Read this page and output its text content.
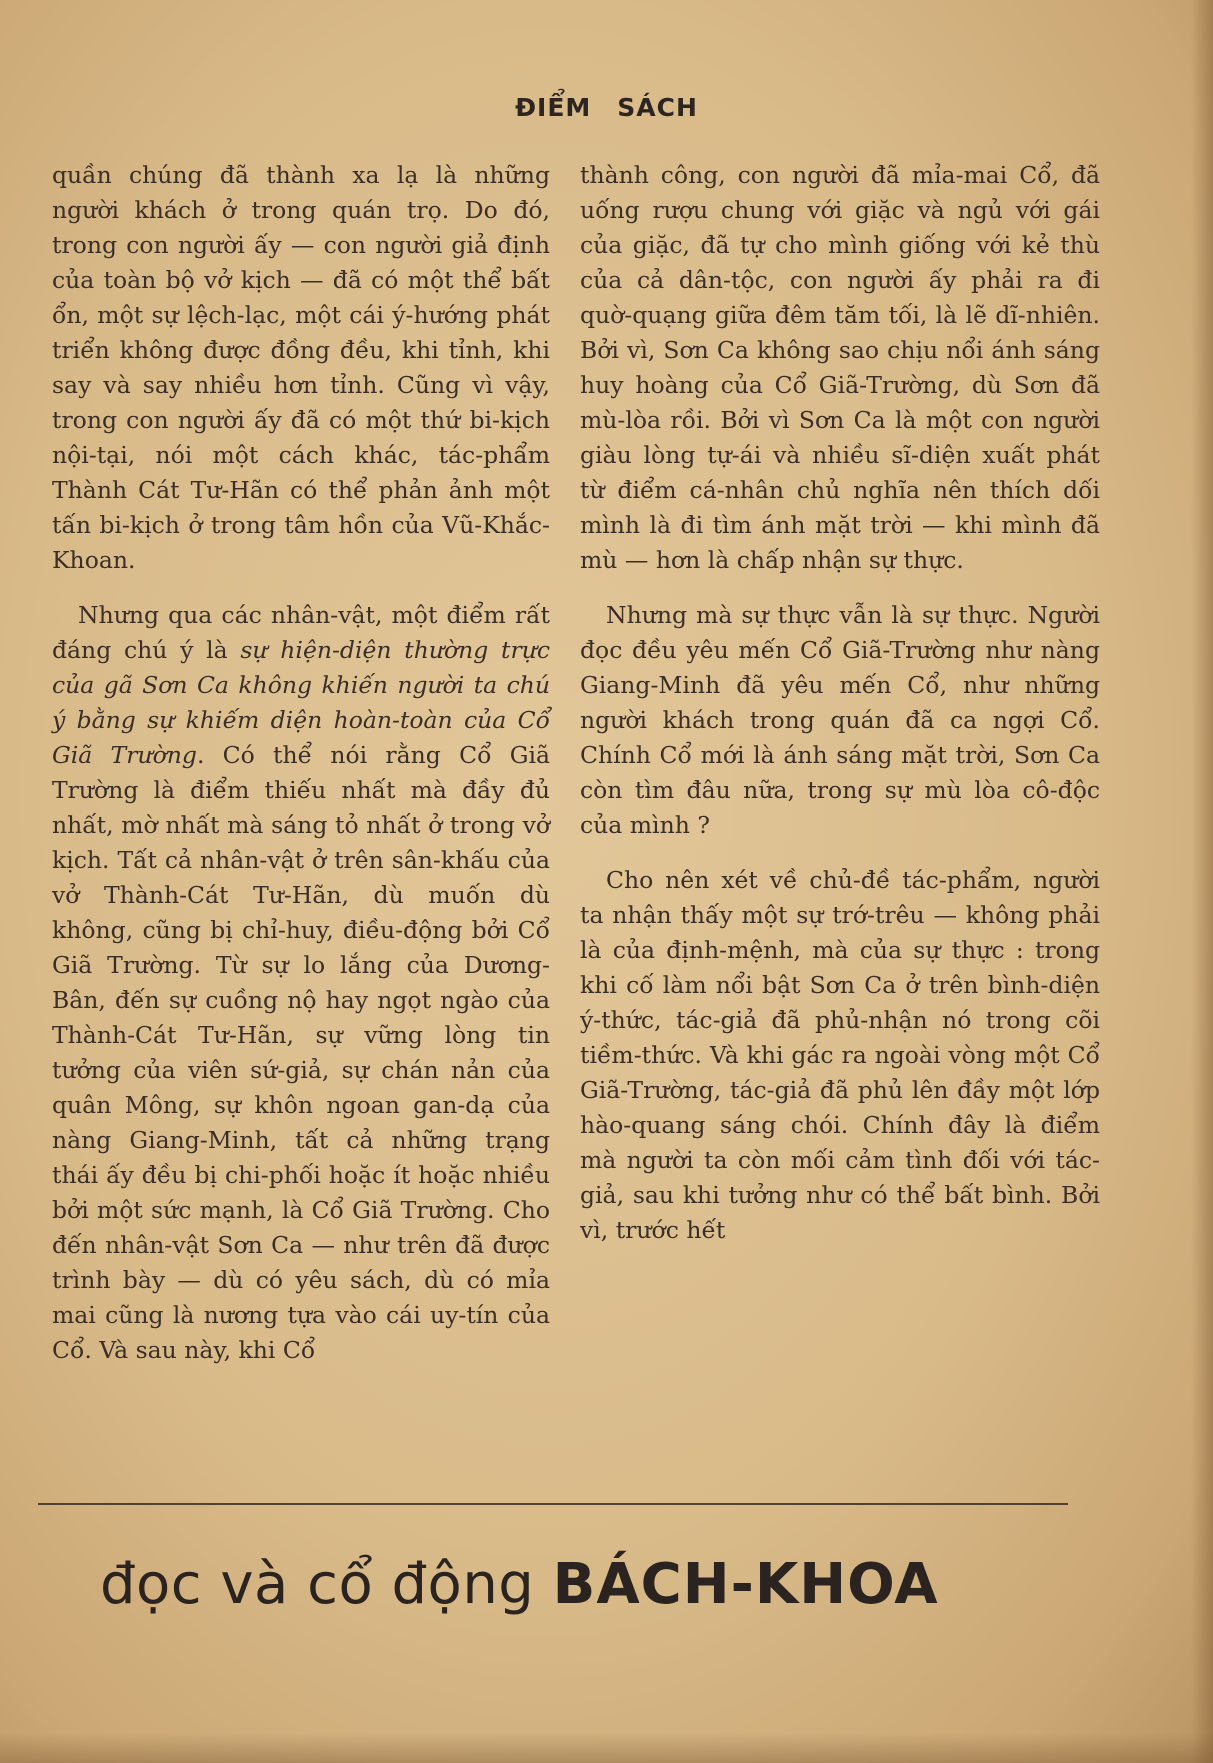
ĐIỂM SÁCH

quần chúng đã thành xa lạ là những người khách ở trong quán trọ. Do đó, trong con người ấy — con người giả định của toàn bộ vở kịch — đã có một thể bất ổn, một sự lệch-lạc, một cái ý-hướng phát triển không được đồng đều, khi tỉnh, khi say và say nhiều hơn tỉnh. Cũng vì vậy, trong con người ấy đã có một thứ bi-kịch nội-tại, nói một cách khác, tác-phẩm Thành Cát Tư-Hãn có thể phản ảnh một tấn bi-kịch ở trong tâm hồn của Vũ-Khắc-Khoan.

Nhưng qua các nhân-vật, một điểm rất đáng chú ý là sự hiện-diện thường trực của gã Sơn Ca không khiến người ta chú ý bằng sự khiếm diện hoàn-toàn của Cổ Giã Trường. Có thể nói rằng Cổ Giã Trường là điểm thiếu nhất mà đầy đủ nhất, mờ nhất mà sáng tỏ nhất ở trong vở kịch. Tất cả nhân-vật ở trên sân-khấu của vở Thành-Cát Tư-Hãn, dù muốn dù không, cũng bị chỉ-huy, điều-động bởi Cổ Giã Trường. Từ sự lo lắng của Dương-Bân, đến sự cuồng nộ hay ngọt ngào của Thành-Cát Tư-Hãn, sự vững lòng tin tưởng của viên sứ-giả, sự chán nản của quân Mông, sự khôn ngoan gan-dạ của nàng Giang-Minh, tất cả những trạng thái ấy đều bị chi-phối hoặc ít hoặc nhiều bởi một sức mạnh, là Cổ Giã Trường. Cho đến nhân-vật Sơn Ca — như trên đã được trình bày — dù có yêu sách, dù có mỉa mai cũng là nương tựa vào cái uy-tín của Cổ. Và sau này, khi Cổ

thành công, con người đã mỉa-mai Cổ, đã uống rượu chung với giặc và ngủ với gái của giặc, đã tự cho mình giống với kẻ thù của cả dân-tộc, con người ấy phải ra đi quờ-quạng giữa đêm tăm tối, là lẽ dĩ-nhiên. Bởi vì, Sơn Ca không sao chịu nổi ánh sáng huy hoàng của Cổ Giã-Trường, dù Sơn đã mù-lòa rồi. Bởi vì Sơn Ca là một con người giàu lòng tự-ái và nhiều sĩ-diện xuất phát từ điểm cá-nhân chủ nghĩa nên thích dối mình là đi tìm ánh mặt trời — khi mình đã mù — hơn là chấp nhận sự thực.

Nhưng mà sự thực vẫn là sự thực. Người đọc đều yêu mến Cổ Giã-Trường như nàng Giang-Minh đã yêu mến Cổ, như những người khách trong quán đã ca ngợi Cổ. Chính Cổ mới là ánh sáng mặt trời, Sơn Ca còn tìm đâu nữa, trong sự mù lòa cô-độc của mình ?

Cho nên xét về chủ-đề tác-phẩm, người ta nhận thấy một sự trớ-trêu — không phải là của định-mệnh, mà của sự thực : trong khi cố làm nổi bật Sơn Ca ở trên bình-diện ý-thức, tác-giả đã phủ-nhận nó trong cõi tiềm-thức. Và khi gác ra ngoài vòng một Cổ Giã-Trường, tác-giả đã phủ lên đầy một lớp hào-quang sáng chói. Chính đây là điểm mà người ta còn mối cảm tình đối với tác-giả, sau khi tưởng như có thể bất bình. Bởi vì, trước hết

đọc và cổ động BÁCH-KHOA
